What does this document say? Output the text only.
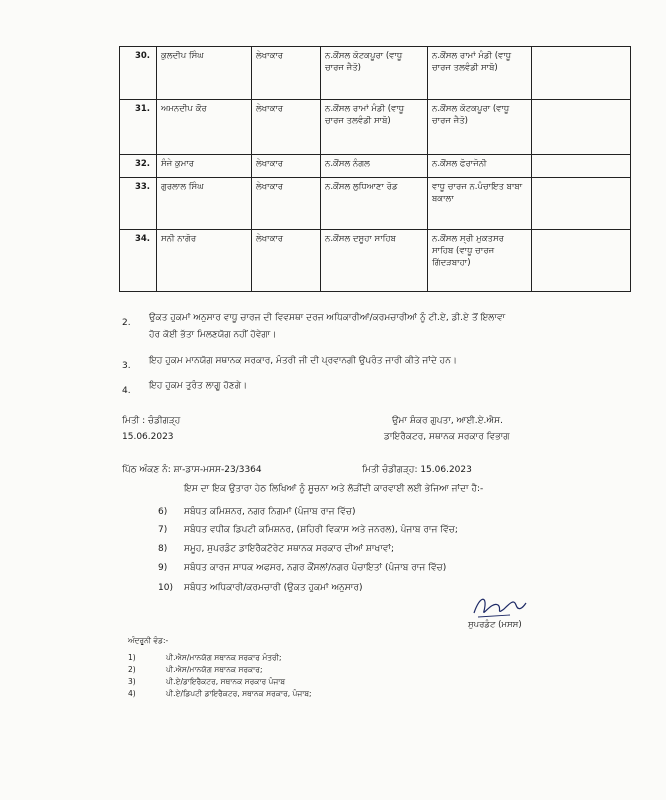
30.	ਕੁਲਦੀਪ ਸਿੰਘ	ਲੇਖਾਕਾਰ	ਨ.ਕੌਂਸਲ ਕੋਟਕਪੂਰਾ (ਵਾਧੂ ਚਾਰਜ ਜੈਤੋ)	ਨ.ਕੌਂਸਲ ਰਾਮਾਂ ਮੰਡੀ (ਵਾਧੂ ਚਾਰਜ ਤਲਵੰਡੀ ਸਾਬੋ)	
31.	ਅਮਨਦੀਪ ਕੌਰ	ਲੇਖਾਕਾਰ	ਨ.ਕੌਂਸਲ ਰਾਮਾਂ ਮੰਡੀ (ਵਾਧੂ ਚਾਰਜ ਤਲਵੰਡੀ ਸਾਬੋ)	ਨ.ਕੌਂਸਲ ਕੋਟਕਪੂਰਾ (ਵਾਧੂ ਚਾਰਜ ਜੈਤੋ)	
32.	ਸੰਜੇ ਕੁਮਾਰ	ਲੇਖਾਕਾਰ	ਨ.ਕੌਂਸਲ ਨੰਗਲ	ਨ.ਕੌਂਸਲ ਫੋਰਾਜੋਨੀ	
33.	ਗੁਰਲਾਲ ਸਿੰਘ	ਲੇਖਾਕਾਰ	ਨ.ਕੌਂਸਲ ਲੁਧਿਆਣਾ ਰੋਡ	ਵਾਧੂ ਚਾਰਜ ਨ.ਪੰਚਾਇਤ ਬਾਬਾ ਬਕਾਲਾ	
34.	ਸਨੀ ਨਾਗੋਰ	ਲੇਖਾਕਾਰ	ਨ.ਕੌਂਸਲ ਦਸੂਹਾ ਸਾਹਿਬ	ਨ.ਕੌਂਸਲ ਸ੍ਰੀ ਮੁਕਤਸਰ ਸਾਹਿਬ (ਵਾਧੂ ਚਾਰਜ ਗਿੱਦੜਬਾਹਾ)	
2.	ਉਕਤ ਹੁਕਮਾਂ ਅਨੁਸਾਰ ਵਾਧੂ ਚਾਰਜ ਦੀ ਵਿਵਸਥਾ ਦਰਜ ਅਧਿਕਾਰੀਆਂ/ਕਰਮਚਾਰੀਆਂ ਨੂੰ ਟੀ.ਏ, ਡੀ.ਏ ਤੋਂ ਇਲਾਵਾ ਹੋਰ ਕੋਈ ਭੱਤਾ ਮਿਲਣਯੋਗ ਨਹੀਂ ਹੋਵੇਗਾ।
3.	ਇਹ ਹੁਕਮ ਮਾਨਯੋਗ ਸਥਾਨਕ ਸਰਕਾਰ, ਮੰਤਰੀ ਜੀ ਦੀ ਪ੍ਰਵਾਨਗੀ ਉਪਰੰਤ ਜਾਰੀ ਕੀਤੇ ਜਾਂਦੇ ਹਨ।
4.	ਇਹ ਹੁਕਮ ਤੁਰੰਤ ਲਾਗੂ ਹੋਣਗੇ।
ਮਿਤੀ : ਚੰਡੀਗੜ੍ਹ
15.06.2023
ਉਮਾ ਸ਼ੰਕਰ ਗੁਪਤਾ, ਆਈ.ਏ.ਐਸ.
ਡਾਇਰੈਕਟਰ, ਸਥਾਨਕ ਸਰਕਾਰ ਵਿਭਾਗ
ਪਿੱਠ ਅੰਕਣ ਨੰ: ਸ਼ਾ-ਡਾਸ-ਮਸਸ-23/3364	ਮਿਤੀ ਚੰਡੀਗੜ੍ਹ: 15.06.2023
ਇਸ ਦਾ ਇਕ ਉਤਾਰਾ ਹੇਠ ਲਿਖਿਆਂ ਨੂੰ ਸੂਚਨਾ ਅਤੇ ਲੋੜੀਂਦੀ ਕਾਰਵਾਈ ਲਈ ਭੇਜਿਆ ਜਾਂਦਾ ਹੈ:-
6) ਸਬੰਧਤ ਕਮਿਸ਼ਨਰ, ਨਗਰ ਨਿਗਮਾਂ (ਪੰਜਾਬ ਰਾਜ ਵਿੱਚ)
7) ਸਬੰਧਤ ਵਧੀਕ ਡਿਪਟੀ ਕਮਿਸ਼ਨਰ, (ਸ਼ਹਿਰੀ ਵਿਕਾਸ ਅਤੇ ਜਨਰਲ), ਪੰਜਾਬ ਰਾਜ ਵਿੱਚ;
8) ਸਮੂਹ, ਸੁਪਰਡੰਟ ਡਾਇਰੈਕਟੋਰੇਟ ਸਥਾਨਕ ਸਰਕਾਰ ਦੀਆਂ ਸ਼ਾਖਾਵਾਂ;
9) ਸਬੰਧਤ ਕਾਰਜ ਸਾਧਕ ਅਫਸਰ, ਨਗਰ ਕੌਂਸਲਾਂ/ਨਗਰ ਪੰਚਾਇਤਾਂ (ਪੰਜਾਬ ਰਾਜ ਵਿੱਚ)
10) ਸਬੰਧਤ ਅਧਿਕਾਰੀ/ਕਰਮਚਾਰੀ (ਉਕਤ ਹੁਕਮਾਂ ਅਨੁਸਾਰ)
ਸੁਪਰਡੰਟ (ਮਸਸ)
ਅੰਦਰੂਨੀ ਵੰਡ:-
1)	ਪੀ.ਐਸ/ਮਾਨਯੋਗ ਸਥਾਨਕ ਸਰਕਾਰ ਮੰਤਰੀ;
2)	ਪੀ.ਐਸ/ਮਾਨਯੋਗ ਸਥਾਨਕ ਸਰਕਾਰ;
3)	ਪੀ.ਏ/ਡਾਇਰੈਕਟਰ, ਸਥਾਨਕ ਸਰਕਾਰ ਪੰਜਾਬ
4)	ਪੀ.ਏ/ਡਿਪਟੀ ਡਾਇਰੈਕਟਰ, ਸਥਾਨਕ ਸਰਕਾਰ, ਪੰਜਾਬ;
